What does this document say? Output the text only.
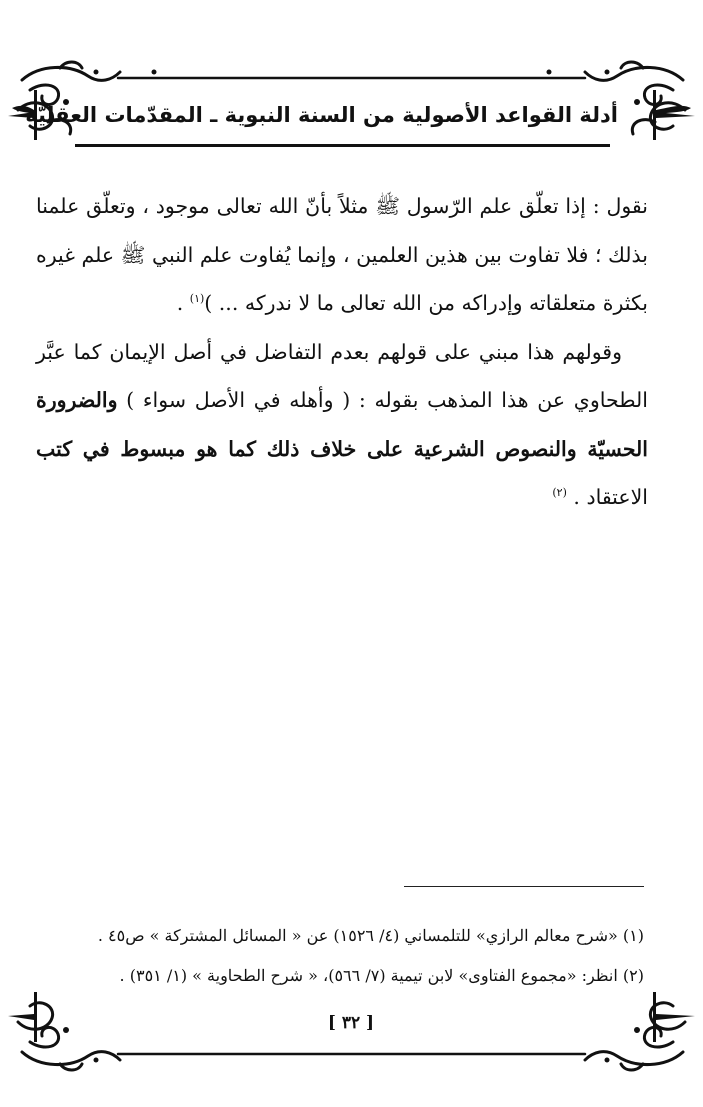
أدلة القواعد الأصولية من السنة النبوية ـ المقدّمات العقليّة

نقول : إذا تعلّق علم الرّسول ﷺ مثلاً بأنّ الله تعالى موجود ، وتعلّق علمنا بذلك ؛ فلا تفاوت بين هذين العلمين ، وإنما يُفاوت علم النبي ﷺ علم غيره بكثرة متعلقاته وإدراكه من الله تعالى ما لا ندركه ... )$^{(١)}$ .

وقولهم هذا مبني على قولهم بعدم التفاضل في أصل الإيمان كما عبَّر الطحاوي عن هذا المذهب بقوله : ( وأهله في الأصل سواء ) والضرورة الحسيّة والنصوص الشرعية على خلاف ذلك كما هو مبسوط في كتب الاعتقاد . $^{(٢)}$

(١) «شرح معالم الرازي» للتلمساني (٤/ ١٥٢٦) عن « المسائل المشتركة » ص٤٥ .
(٢) انظر: «مجموع الفتاوى» لابن تيمية (٧/ ٥٦٦)، « شرح الطحاوية » (١/ ٣٥١) .
[ ٣٢ ]
